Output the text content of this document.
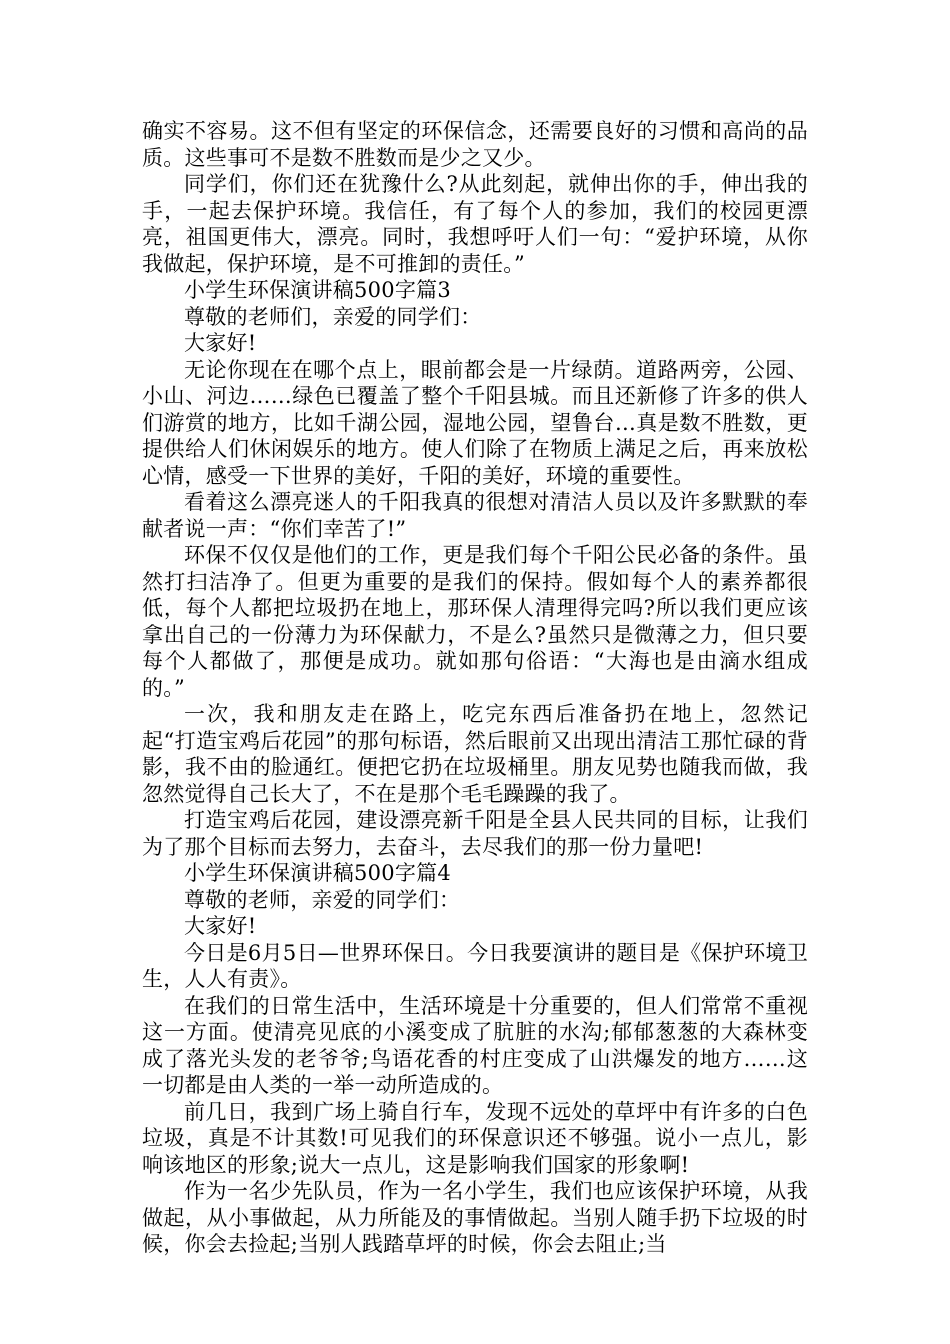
确实不容易。这不但有坚定的环保信念，还需要良好的习惯和高尚的品质。这些事可不是数不胜数而是少之又少。

同学们，你们还在犹豫什么?从此刻起，就伸出你的手，伸出我的手，一起去保护环境。我信任，有了每个人的参加，我们的校园更漂亮，祖国更伟大，漂亮。同时，我想呼吁人们一句：“爱护环境，从你我做起，保护环境，是不可推卸的责任。”

小学生环保演讲稿500字篇3

尊敬的老师们，亲爱的同学们：

大家好!

无论你现在在哪个点上，眼前都会是一片绿荫。道路两旁，公园、小山、河边……绿色已覆盖了整个千阳县城。而且还新修了许多的供人们游赏的地方，比如千湖公园，湿地公园，望鲁台…真是数不胜数，更提供给人们休闲娱乐的地方。使人们除了在物质上满足之后，再来放松心情，感受一下世界的美好，千阳的美好，环境的重要性。

看着这么漂亮迷人的千阳我真的很想对清洁人员以及许多默默的奉献者说一声：“你们幸苦了!”

环保不仅仅是他们的工作，更是我们每个千阳公民必备的条件。虽然打扫洁净了。但更为重要的是我们的保持。假如每个人的素养都很低，每个人都把垃圾扔在地上，那环保人清理得完吗?所以我们更应该拿出自己的一份薄力为环保献力，不是么?虽然只是微薄之力，但只要每个人都做了，那便是成功。就如那句俗语：“大海也是由滴水组成的。”

一次，我和朋友走在路上，吃完东西后准备扔在地上，忽然记起“打造宝鸡后花园”的那句标语，然后眼前又出现出清洁工那忙碌的背影，我不由的脸通红。便把它扔在垃圾桶里。朋友见势也随我而做，我忽然觉得自己长大了，不在是那个毛毛躁躁的我了。

打造宝鸡后花园，建设漂亮新千阳是全县人民共同的目标，让我们为了那个目标而去努力，去奋斗，去尽我们的那一份力量吧!

小学生环保演讲稿500字篇4

尊敬的老师，亲爱的同学们：

大家好!

今日是6月5日—世界环保日。今日我要演讲的题目是《保护环境卫生，人人有责》。

在我们的日常生活中，生活环境是十分重要的，但人们常常不重视这一方面。使清亮见底的小溪变成了肮脏的水沟;郁郁葱葱的大森林变成了落光头发的老爷爷;鸟语花香的村庄变成了山洪爆发的地方……这一切都是由人类的一举一动所造成的。

前几日，我到广场上骑自行车，发现不远处的草坪中有许多的白色垃圾，真是不计其数!可见我们的环保意识还不够强。说小一点儿，影响该地区的形象;说大一点儿，这是影响我们国家的形象啊!

作为一名少先队员，作为一名小学生，我们也应该保护环境，从我做起，从小事做起，从力所能及的事情做起。当别人随手扔下垃圾的时候，你会去捡起;当别人践踏草坪的时候，你会去阻止;当
